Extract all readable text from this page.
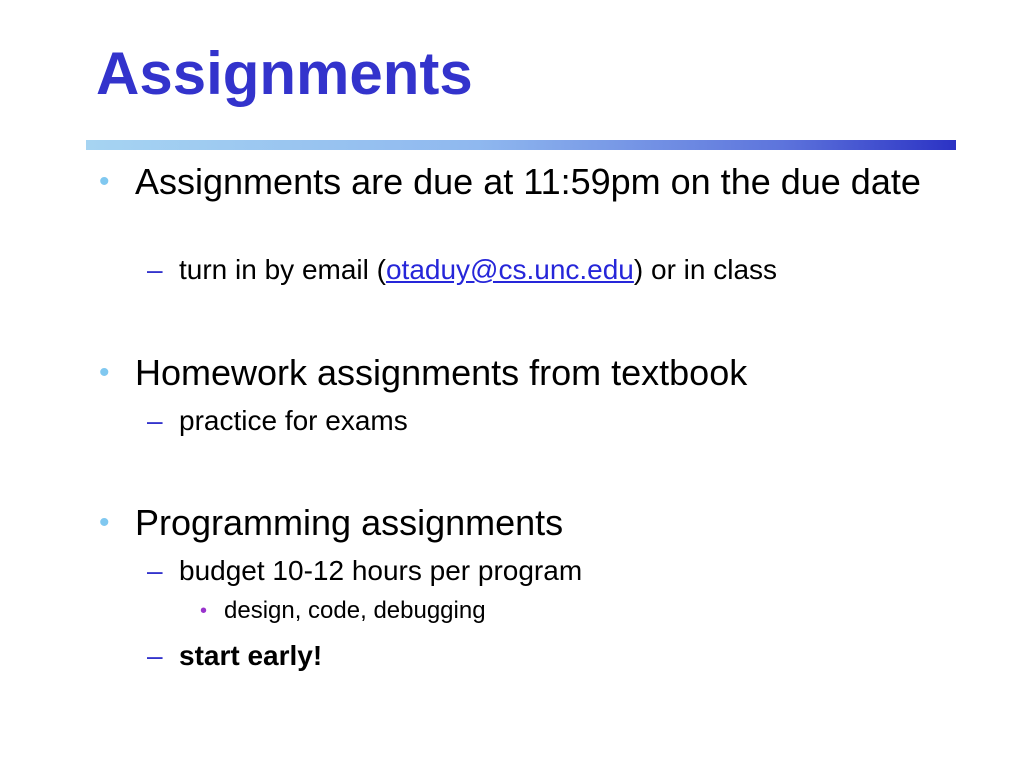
Assignments
• Assignments are due at 11:59pm on the due date
– turn in by email (otaduy@cs.unc.edu) or in class
• Homework assignments from textbook
– practice for exams
• Programming assignments
– budget 10-12 hours per program
• design, code, debugging
– start early!
